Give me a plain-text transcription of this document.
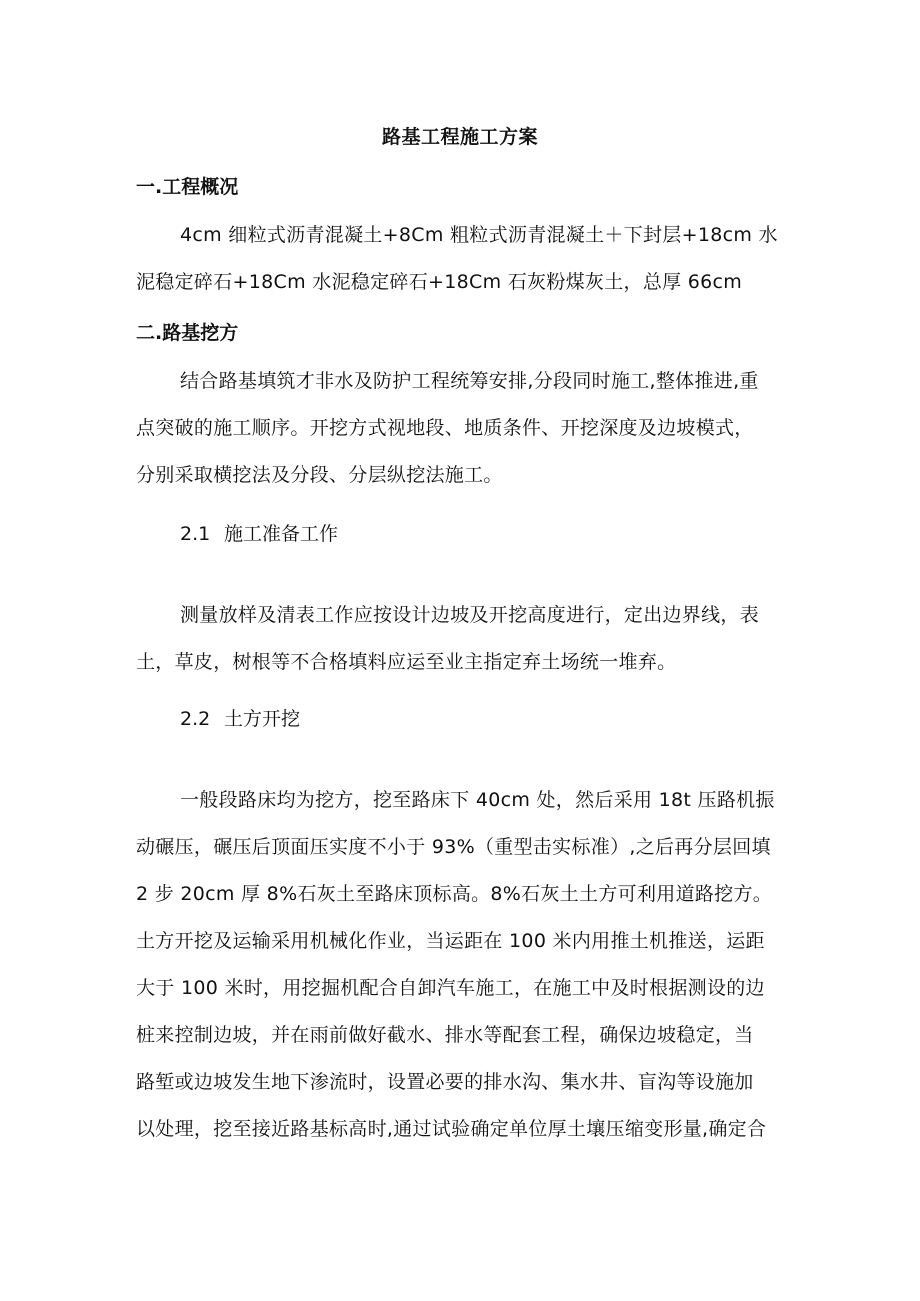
路基工程施工方案
一.工程概况
4cm 细粒式沥青混凝土+8Cm 粗粒式沥青混凝土＋下封层+18cm 水
泥稳定碎石+18Cm 水泥稳定碎石+18Cm 石灰粉煤灰土，总厚 66cm
二.路基挖方
结合路基填筑才非水及防护工程统筹安排,分段同时施工,整体推进,重
点突破的施工顺序。开挖方式视地段、地质条件、开挖深度及边坡模式，
分别采取横挖法及分段、分层纵挖法施工。
2.1 施工准备工作
测量放样及清表工作应按设计边坡及开挖高度进行，定出边界线，表
土，草皮，树根等不合格填料应运至业主指定弃土场统一堆弃。
2.2 土方开挖
一般段路床均为挖方，挖至路床下 40cm 处，然后采用 18t 压路机振
动碾压，碾压后顶面压实度不小于 93%（重型击实标准）,之后再分层回填
2 步 20cm 厚 8%石灰土至路床顶标高。8%石灰土土方可利用道路挖方。
土方开挖及运输采用机械化作业，当运距在 100 米内用推土机推送，运距
大于 100 米时，用挖掘机配合自卸汽车施工，在施工中及时根据测设的边
桩来控制边坡，并在雨前做好截水、排水等配套工程，确保边坡稳定，当
路堑或边坡发生地下渗流时，设置必要的排水沟、集水井、盲沟等设施加
以处理，挖至接近路基标高时,通过试验确定单位厚土壤压缩变形量,确定合
